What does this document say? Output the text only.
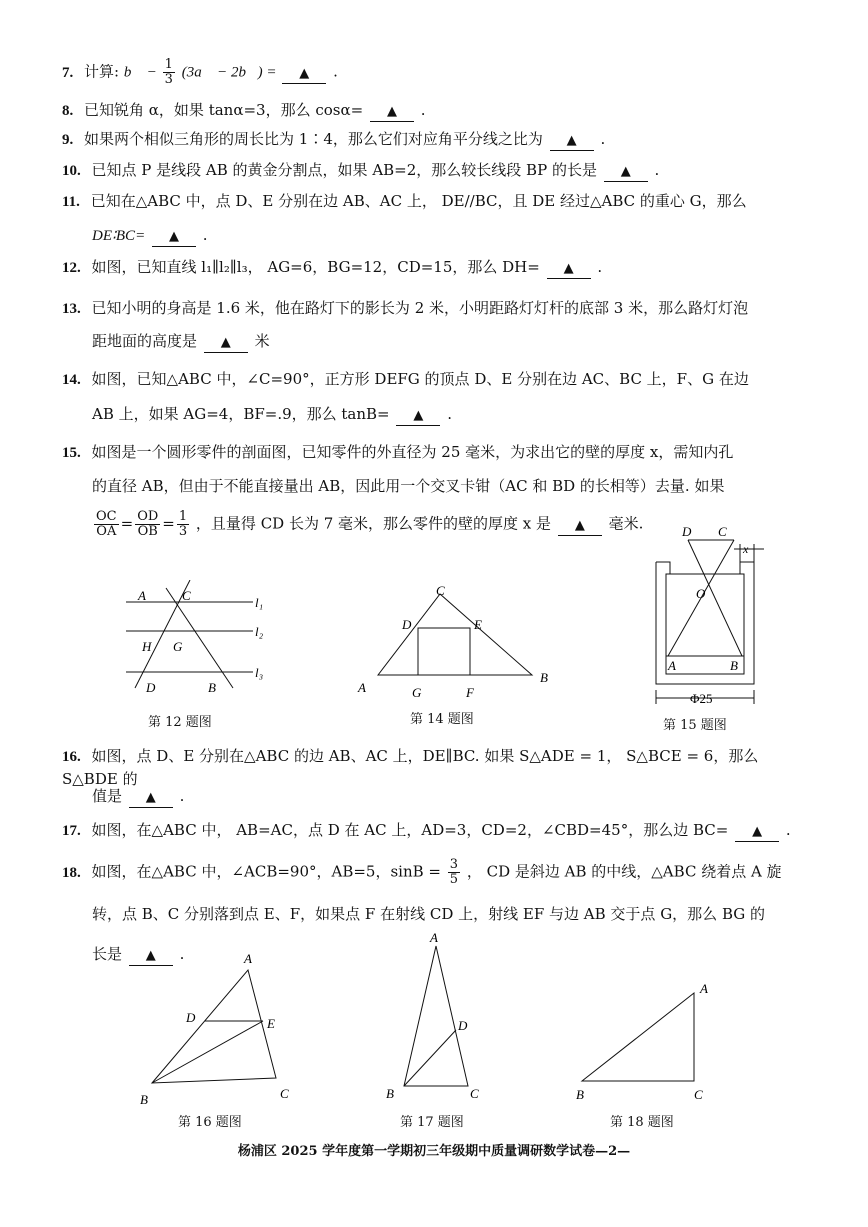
7. 计算: b⃗ − $\frac{1}{3}$ (3a⃗ − 2b⃗) = ▲ .
8. 已知锐角 α，如果 tanα=3，那么 cosα= ▲ .
9. 如果两个相似三角形的周长比为 1∶4，那么它们对应角平分线之比为 ▲ .
10. 已知点 P 是线段 AB 的黄金分割点，如果 AB=2，那么较长线段 BP 的长是 ▲ .
11. 已知在△ABC 中，点 D、E 分别在边 AB、AC 上， DE//BC，且 DE 经过△ABC 的重心 G，那么
DE∶BC= ▲ .
12. 如图，已知直线 l₁∥l₂∥l₃， AG=6，BG=12，CD=15，那么 DH= ▲ .
13. 已知小明的身高是 1.6 米，他在路灯下的影长为 2 米，小明距路灯灯杆的底部 3 米，那么路灯灯泡
距地面的高度是 ▲ 米
14. 如图，已知△ABC 中，∠C=90°，正方形 DEFG 的顶点 D、E 分别在边 AC、BC 上，F、G 在边
AB 上，如果 AG=4，BF=.9，那么 tanB= ▲ .
15. 如图是一个圆形零件的剖面图，已知零件的外直径为 25 毫米，为求出它的壁的厚度 x，需知内孔
的直径 AB，但由于不能直接量出 AB，因此用一个交叉卡钳（AC 和 BD 的长相等）去量. 如果
$\frac{OC}{OA} = \frac{OD}{OB} = \frac{1}{3}$ ，且量得 CD 长为 7 毫米，那么零件的壁的厚度 x 是 ▲ 毫米.
A	C
H G
D	B
l₁
l₂
l₃
第 12 题图
C
D	E
A	G	F
B
第 14 题图
D C
O
A	B
x
Φ25
第 15 题图
16. 如图，点 D、E 分别在△ABC 的边 AB、AC 上，DE∥BC. 如果 S△ADE = 1， S△BCE = 6，那么 S△BDE 的
值是 ▲ .
17. 如图，在△ABC 中， AB=AC，点 D 在 AC 上，AD=3，CD=2，∠CBD=45°，那么边 BC= ▲ .
18. 如图，在△ABC 中，∠ACB=90°，AB=5，$\sin B = \frac{3}{5}$ ， CD 是斜边 AB 的中线，△ABC 绕着点 A 旋
转，点 B、C 分别落到点 E、F，如果点 F 在射线 CD 上，射线 EF 与边 AB 交于点 G，那么 BG 的
长是 ▲ .	A
D	E
B	C
第 16 题图
A
D
B	C
第 17 题图
A
B	C
第 18 题图
杨浦区 2025 学年度第一学期初三年级期中质量调研数学试卷—2—
